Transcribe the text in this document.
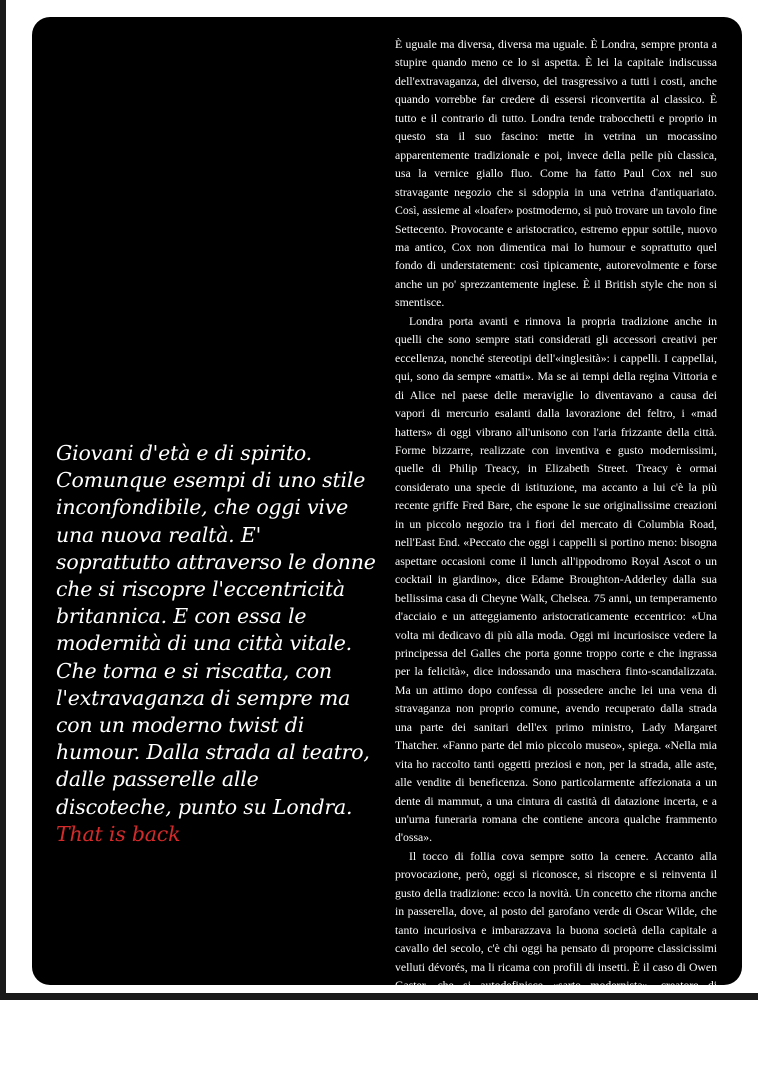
Giovani d'età e di spirito. Comunque esempi di uno stile inconfondibile, che oggi vive una nuova realtà. E' soprattutto attraverso le donne che si riscopre l'eccentricità britannica. E con essa le modernità di una città vitale. Che torna e si riscatta, con l'extravaganza di sempre ma con un moderno twist di humour. Dalla strada al teatro, dalle passerelle alle discoteche, punto su Londra. That is back

È uguale ma diversa, diversa ma uguale. È Londra, sempre pronta a stupire quando meno ce lo si aspetta. È lei la capitale indiscussa dell'extravaganza, del diverso, del trasgressivo a tutti i costi, anche quando vorrebbe far credere di essersi riconvertita al classico. È tutto e il contrario di tutto. Londra tende trabocchetti e proprio in questo sta il suo fascino: mette in vetrina un mocassino apparentemente tradizionale e poi, invece della pelle più classica, usa la vernice giallo fluo. Come ha fatto Paul Cox nel suo stravagante negozio che si sdoppia in una vetrina d'antiquariato. Così, assieme al «loafer» postmoderno, si può trovare un tavolo fine Settecento. Provocante e aristocratico, estremo eppur sottile, nuovo ma antico, Cox non dimentica mai lo humour e soprattutto quel fondo di understatement: così tipicamente, autorevolmente e forse anche un po' sprezzantemente inglese. È il British style che non si smentisce.

Londra porta avanti e rinnova la propria tradizione anche in quelli che sono sempre stati considerati gli accessori creativi per eccellenza, nonché stereotipi dell'«inglesità»: i cappelli. I cappellai, qui, sono da sempre «matti». Ma se ai tempi della regina Vittoria e di Alice nel paese delle meraviglie lo diventavano a causa dei vapori di mercurio esalanti dalla lavorazione del feltro, i «mad hatters» di oggi vibrano all'unisono con l'aria frizzante della città. Forme bizzarre, realizzate con inventiva e gusto modernissimi, quelle di Philip Treacy, in Elizabeth Street. Treacy è ormai considerato una specie di istituzione, ma accanto a lui c'è la più recente griffe Fred Bare, che espone le sue originalissime creazioni in un piccolo negozio tra i fiori del mercato di Columbia Road, nell'East End. «Peccato che oggi i cappelli si portino meno: bisogna aspettare occasioni come il lunch all'ippodromo Royal Ascot o un cocktail in giardino», dice Edame Broughton-Adderley dalla sua bellissima casa di Cheyne Walk, Chelsea. 75 anni, un temperamento d'acciaio e un atteggiamento aristocraticamente eccentrico: «Una volta mi dedicavo di più alla moda. Oggi mi incuriosisce vedere la principessa del Galles che porta gonne troppo corte e che ingrassa per la felicità», dice indossando una maschera finto-scandalizzata. Ma un attimo dopo confessa di possedere anche lei una vena di stravaganza non proprio comune, avendo recuperato dalla strada una parte dei sanitari dell'ex primo ministro, Lady Margaret Thatcher. «Fanno parte del mio piccolo museo», spiega. «Nella mia vita ho raccolto tanti oggetti preziosi e non, per la strada, alle aste, alle vendite di beneficenza. Sono particolarmente affezionata a un dente di mammut, a una cintura di castità di datazione incerta, e a un'urna funeraria romana che contiene ancora qualche frammento d'ossa».

Il tocco di follia cova sempre sotto la cenere. Accanto alla provocazione, però, oggi si riconosce, si riscopre e si reinventa il gusto della tradizione: ecco la novità. Un concetto che ritorna anche in passerella, dove, al posto del garofano verde di Oscar Wilde, che tanto incuriosiva e imbarazzava la buona società della capitale a cavallo del secolo, c'è chi oggi ha pensato di proporre classicissimi velluti dévorés, ma li ricama con profili di insetti. È il caso di Owen Gaster, che si autodefinisce «sarto modernista», creatore di giacchine perfette che si aprono in una spalla triangolare, con proporzioni ripensate nel solco di una tradizione assorbita e rimescolata. Tra i suoi clienti, tuttavia, non solo signore patite del classico: veste anche gli eroi giovani e
